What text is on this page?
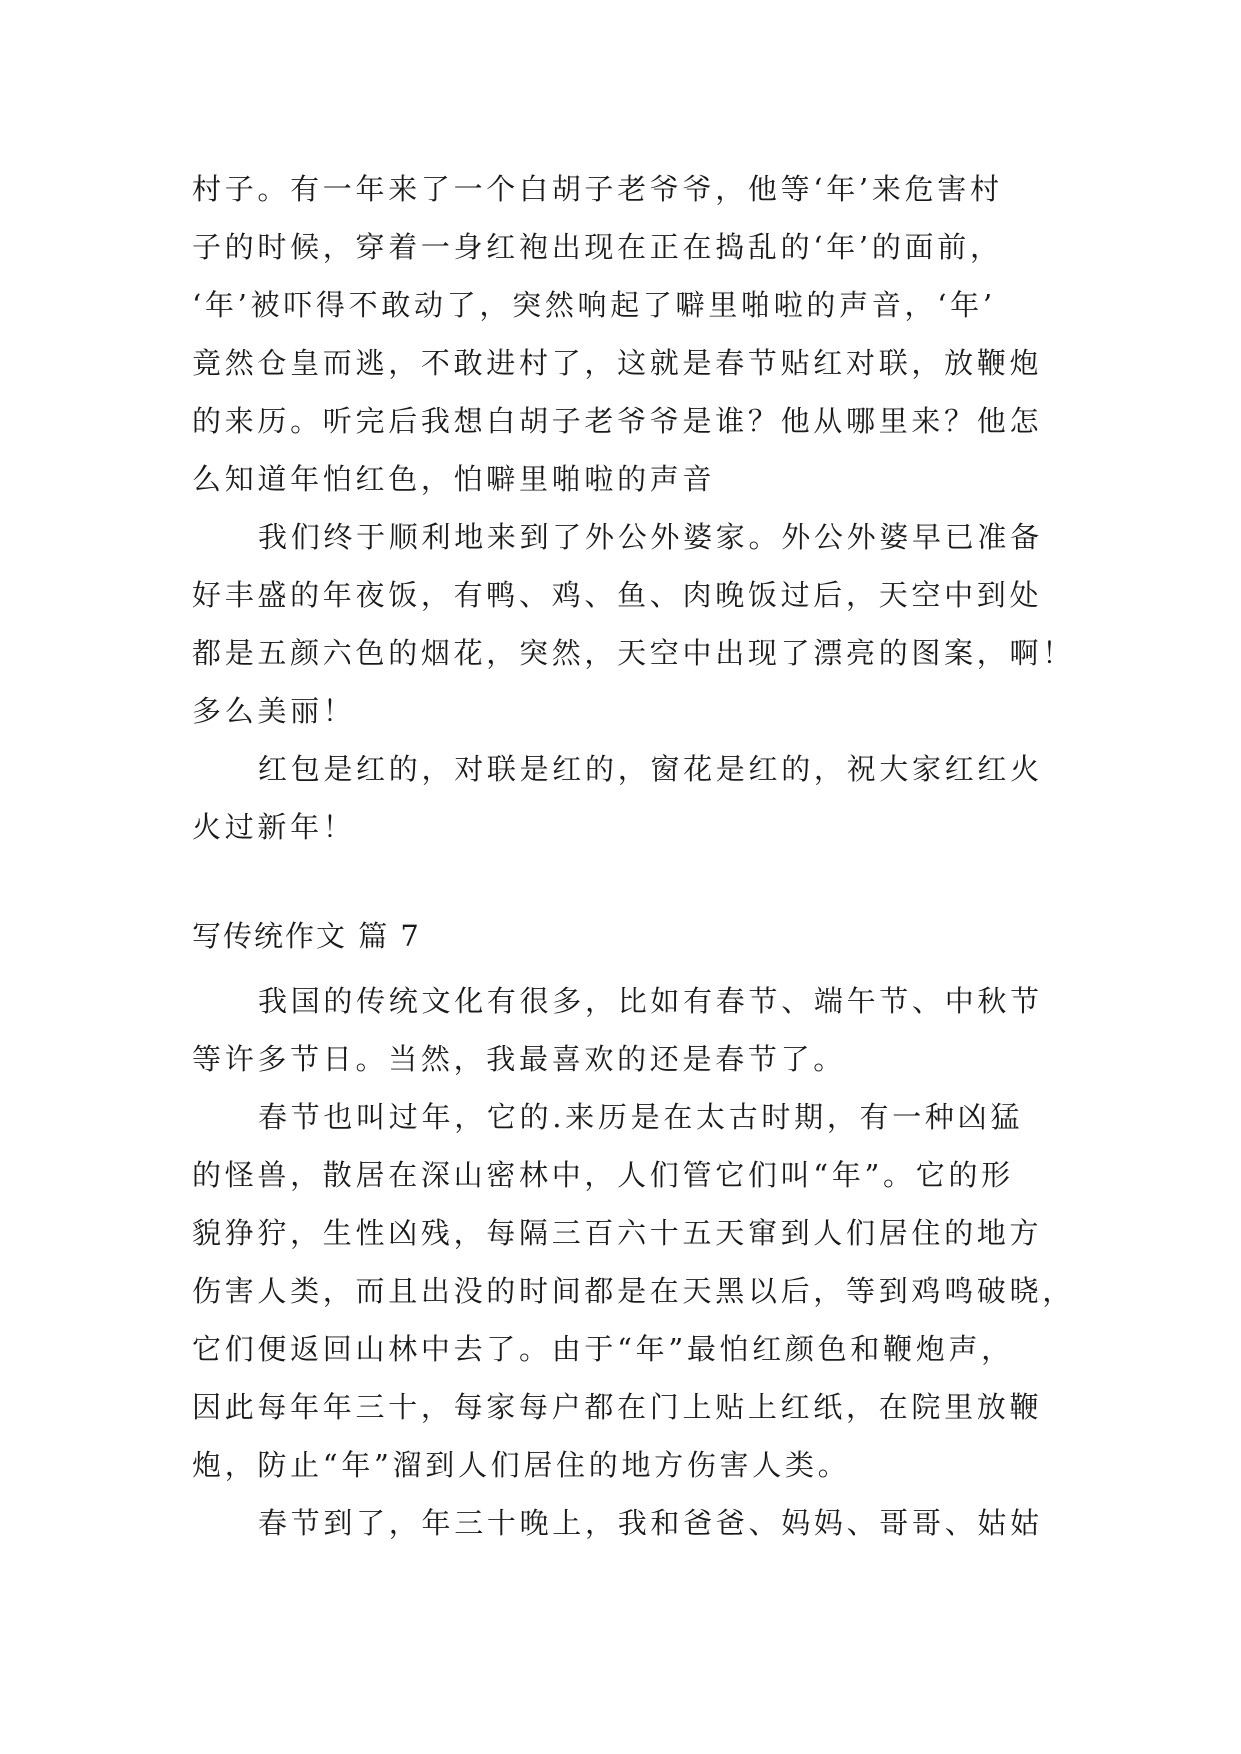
村子。有一年来了一个白胡子老爷爷，他等‘年’来危害村
子的时候，穿着一身红袍出现在正在捣乱的‘年’的面前，
‘年’被吓得不敢动了，突然响起了噼里啪啦的声音，‘年’
竟然仓皇而逃，不敢进村了，这就是春节贴红对联，放鞭炮
的来历。听完后我想白胡子老爷爷是谁？他从哪里来？他怎
么知道年怕红色，怕噼里啪啦的声音
我们终于顺利地来到了外公外婆家。外公外婆早已准备
好丰盛的年夜饭，有鸭、鸡、鱼、肉晚饭过后，天空中到处
都是五颜六色的烟花，突然，天空中出现了漂亮的图案，啊！
多么美丽！
红包是红的，对联是红的，窗花是红的，祝大家红红火
火过新年！
写传统作文 篇 7
我国的传统文化有很多，比如有春节、端午节、中秋节
等许多节日。当然，我最喜欢的还是春节了。
春节也叫过年，它的.来历是在太古时期，有一种凶猛
的怪兽，散居在深山密林中，人们管它们叫“年”。它的形
貌狰狞，生性凶残，每隔三百六十五天窜到人们居住的地方
伤害人类，而且出没的时间都是在天黑以后，等到鸡鸣破晓，
它们便返回山林中去了。由于“年”最怕红颜色和鞭炮声，
因此每年年三十，每家每户都在门上贴上红纸，在院里放鞭
炮，防止“年”溜到人们居住的地方伤害人类。
春节到了，年三十晚上，我和爸爸、妈妈、哥哥、姑姑
